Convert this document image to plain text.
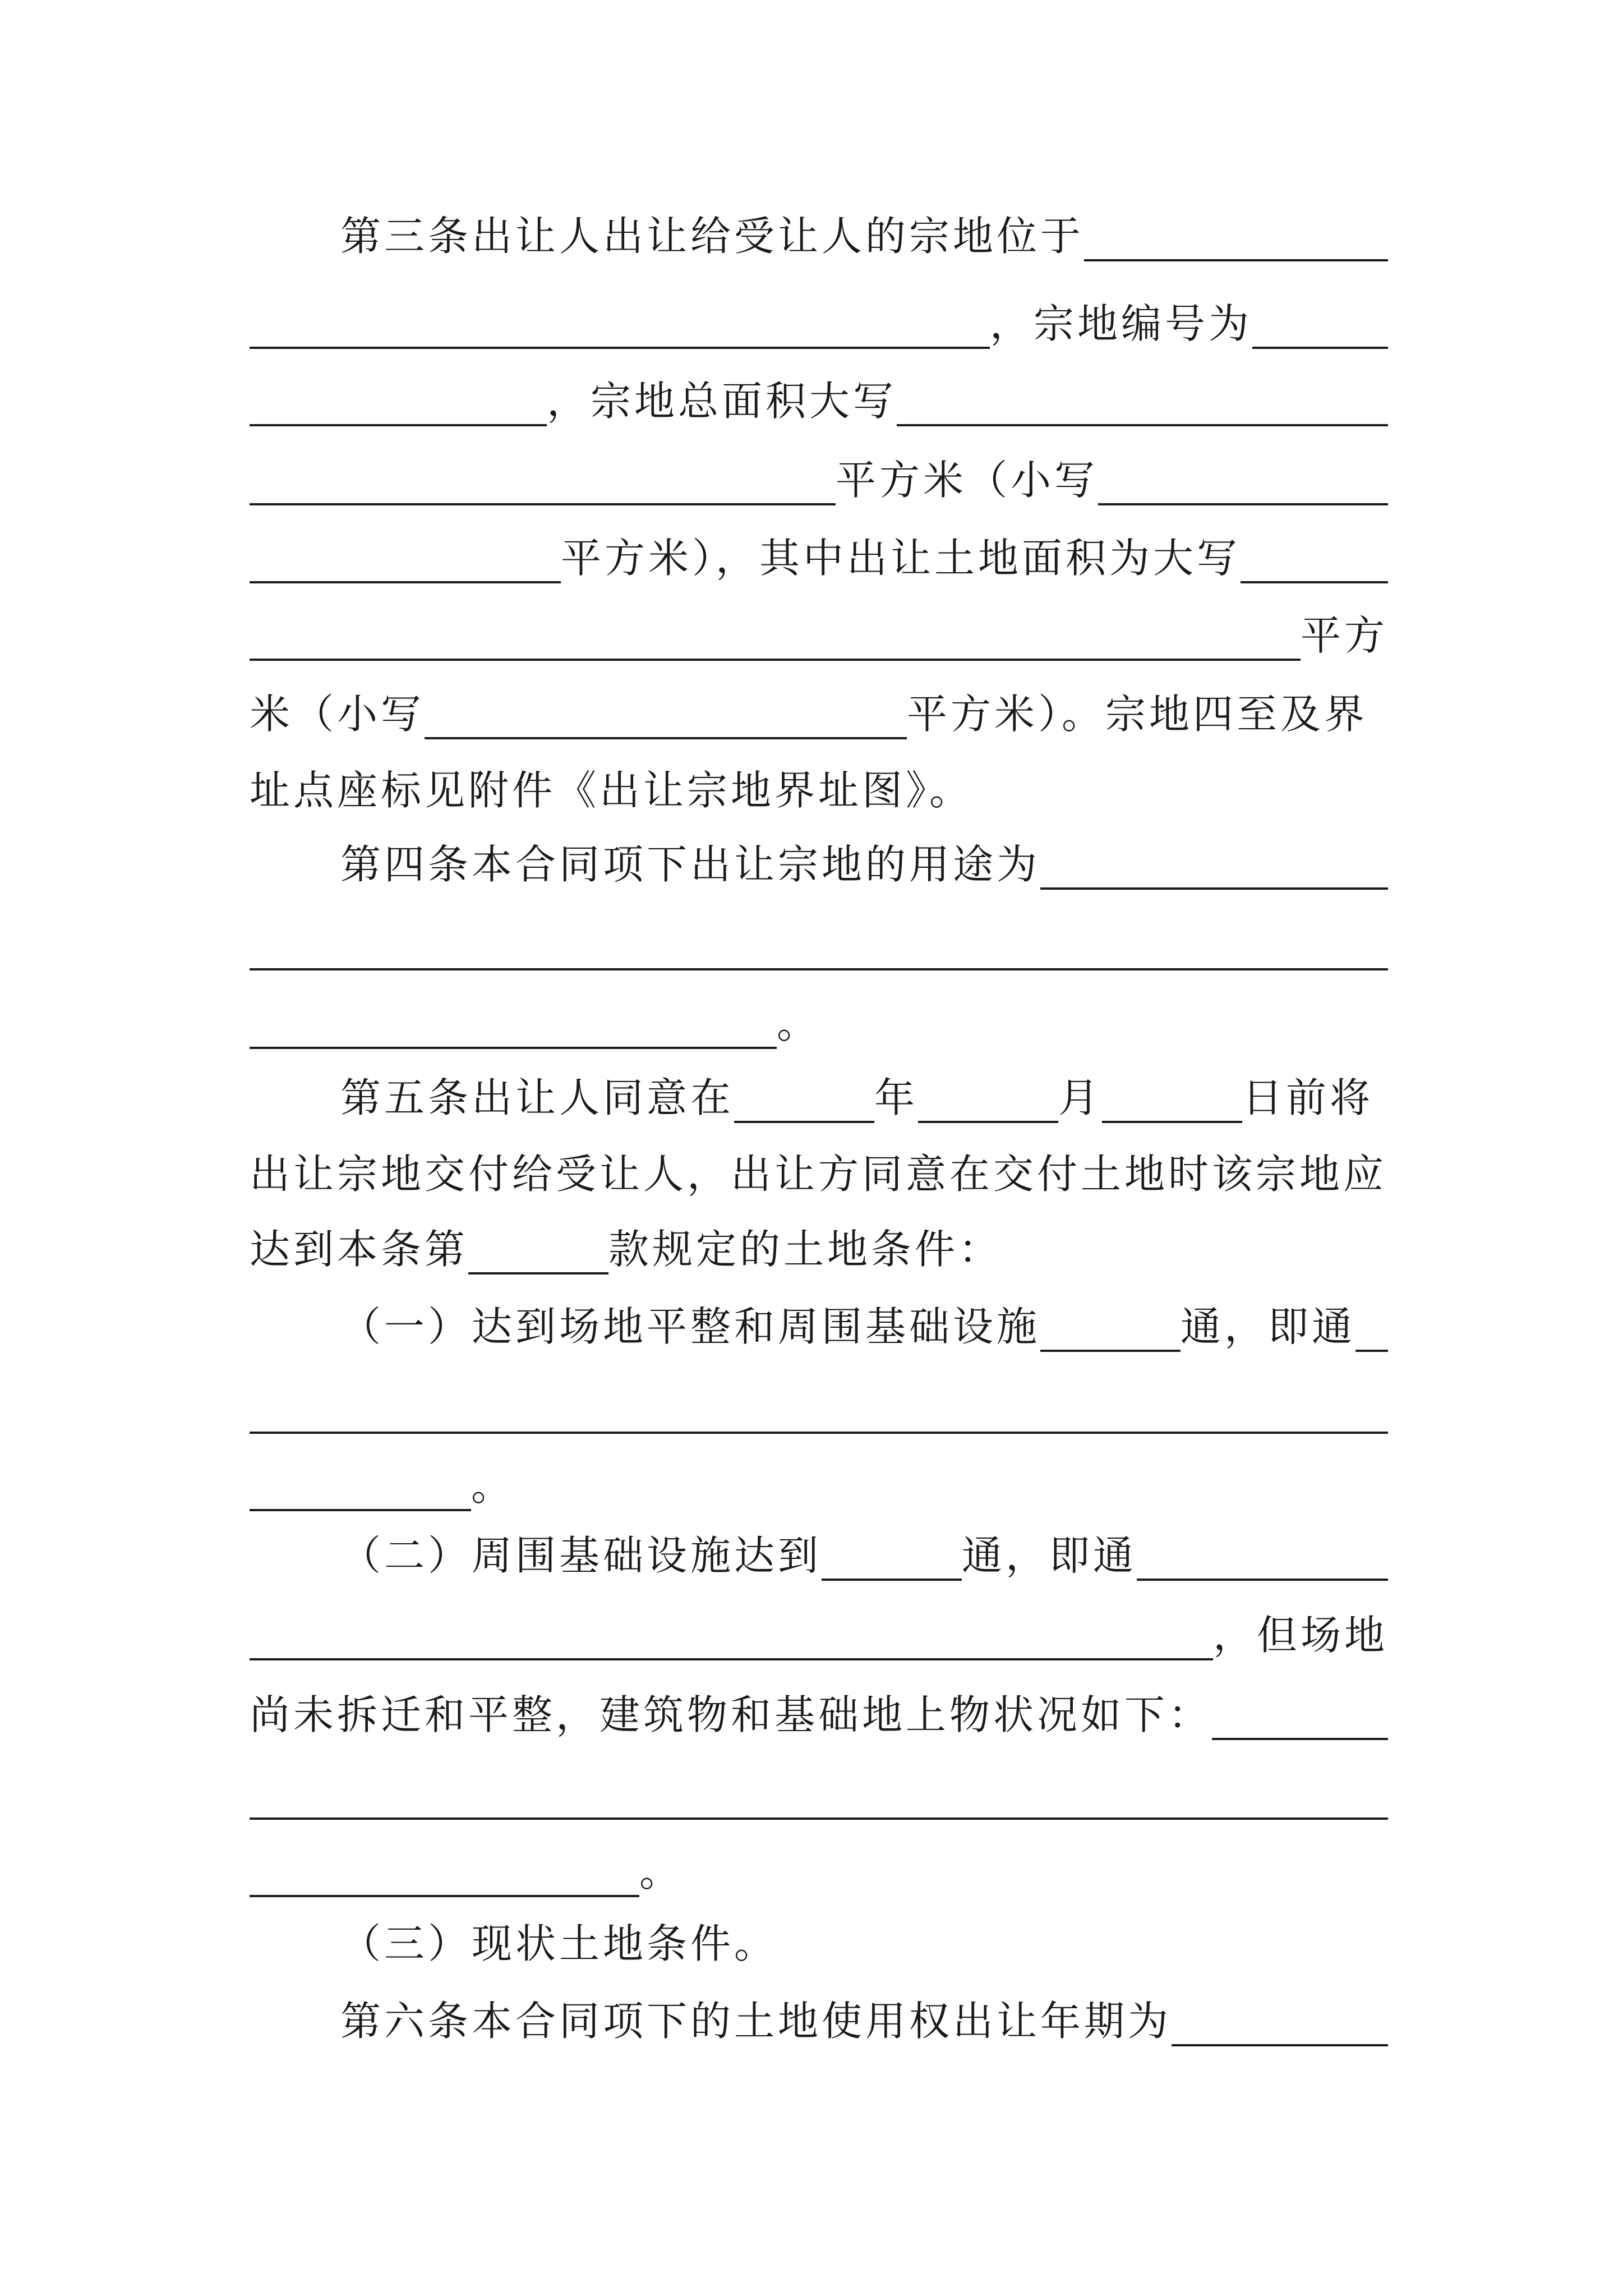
第三条出让人出让给受让人的宗地位于
，宗地编号为
，宗地总面积大写
平方米（小写
平方米），其中出让土地面积为大写
平方
米（小写	平方米）。宗地四至及界
址点座标见附件《出让宗地界址图》。
第四条本合同项下出让宗地的用途为
。
第五条出让人同意在	年	月	日前将
出让宗地交付给受让人，出让方同意在交付土地时该宗地应
达到本条第	款规定的土地条件：
（一）达到场地平整和周围基础设施	通，即通
。
（二）周围基础设施达到	通，即通
，但场地
尚未拆迁和平整，建筑物和基础地上物状况如下：
。
（三）现状土地条件。
第六条本合同项下的土地使用权出让年期为
